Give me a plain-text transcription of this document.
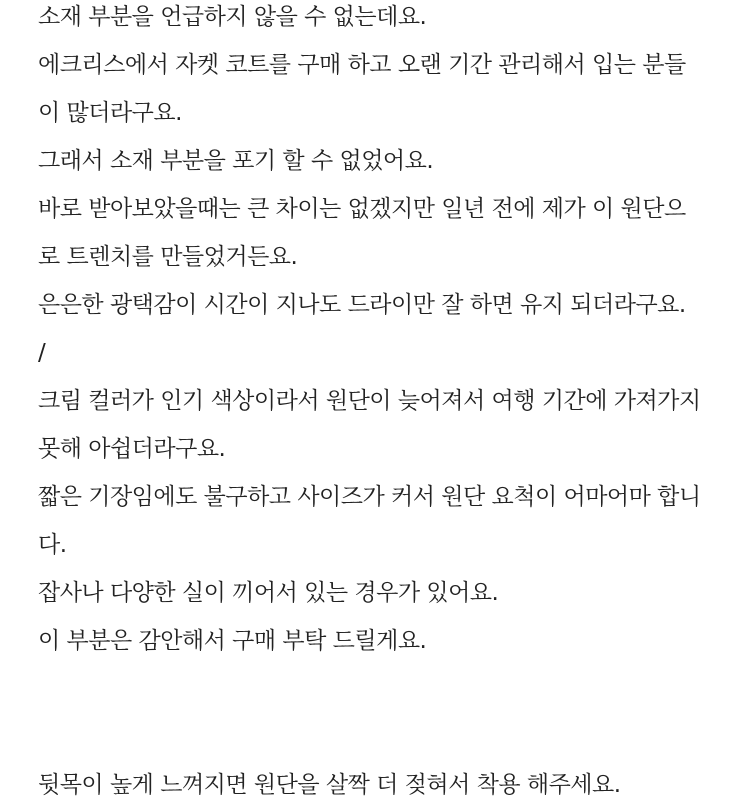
소재 부분을 언급하지 않을 수 없는데요.
에크리스에서 자켓 코트를 구매 하고 오랜 기간 관리해서 입는 분들
이 많더라구요.
그래서 소재 부분을 포기 할 수 없었어요.
바로 받아보았을때는 큰 차이는 없겠지만 일년 전에 제가 이 원단으
로 트렌치를 만들었거든요.
은은한 광택감이 시간이 지나도 드라이만 잘 하면 유지 되더라구요.
/
크림 컬러가 인기 색상이라서 원단이 늦어져서 여행 기간에 가져가지
못해 아쉽더라구요.
짧은 기장임에도 불구하고 사이즈가 커서 원단 요척이 어마어마 합니
다.
잡사나 다양한 실이 끼어서 있는 경우가 있어요.
이 부분은 감안해서 구매 부탁 드릴게요.
뒷목이 높게 느껴지면 원단을 살짝 더 젖혀서 착용 해주세요.
